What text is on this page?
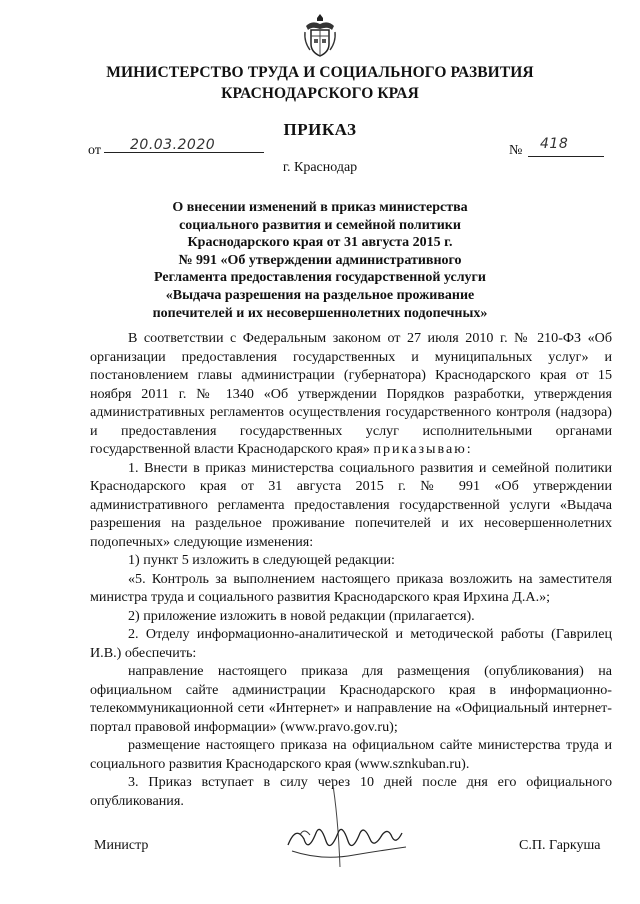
МИНИСТЕРСТВО ТРУДА И СОЦИАЛЬНОГО РАЗВИТИЯ
КРАСНОДАРСКОГО КРАЯ
ПРИКАЗ
от 20.03.2020	№ 418
г. Краснодар
О внесении изменений в приказ министерства
социального развития и семейной политики
Краснодарского края от 31 августа 2015 г.
№ 991 «Об утверждении административного
Регламента предоставления государственной услуги
«Выдача разрешения на раздельное проживание
попечителей и их несовершеннолетних подопечных»

В соответствии с Федеральным законом от 27 июля 2010 г. № 210-ФЗ «Об организации предоставления государственных и муниципальных услуг» и постановлением главы администрации (губернатора) Краснодарского края от 15 ноября 2011 г. № 1340 «Об утверждении Порядков разработки, утверждения административных регламентов осуществления государственного контроля (надзора) и предоставления государственных услуг исполнительными органами государственной власти Краснодарского края» приказываю:

1. Внести в приказ министерства социального развития и семейной политики Краснодарского края от 31 августа 2015 г. № 991 «Об утверждении административного регламента предоставления государственной услуги «Выдача разрешения на раздельное проживание попечителей и их несовершеннолетних подопечных» следующие изменения:

1) пункт 5 изложить в следующей редакции:

«5. Контроль за выполнением настоящего приказа возложить на заместителя министра труда и социального развития Краснодарского края Ирхина Д.А.»;

2) приложение изложить в новой редакции (прилагается).

2. Отделу информационно-аналитической и методической работы (Гаврилец И.В.) обеспечить:

направление настоящего приказа для размещения (опубликования) на официальном сайте администрации Краснодарского края в информационно-телекоммуникационной сети «Интернет» и направление на «Официальный интернет-портал правовой информации» (www.pravo.gov.ru);

размещение настоящего приказа на официальном сайте министерства труда и социального развития Краснодарского края (www.sznkuban.ru).

3. Приказ вступает в силу через 10 дней после дня его официального опубликования.

Министр	С.П. Гаркуша
